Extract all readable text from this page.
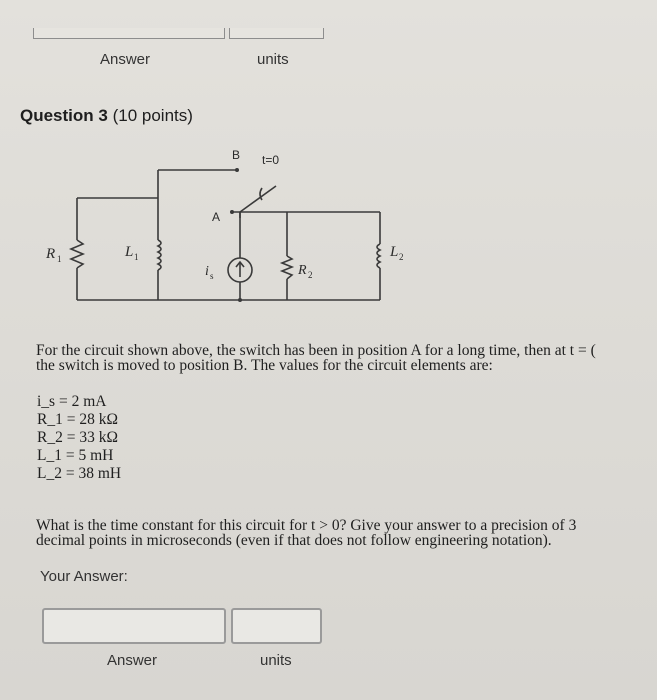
Answer	units
Question 3 (10 points)
B t=0
A
R 1	L 1
i s	R 2
L 2
For the circuit shown above, the switch has been in position A for a long time, then at t = (
the switch is moved to position B. The values for the circuit elements are:
i_s = 2 mA
R_1 = 28 kΩ
R_2 = 33 kΩ
L_1 = 5 mH
L_2 = 38 mH
What is the time constant for this circuit for t > 0? Give your answer to a precision of 3
decimal points in microseconds (even if that does not follow engineering notation).
Your Answer:
Answer	units
